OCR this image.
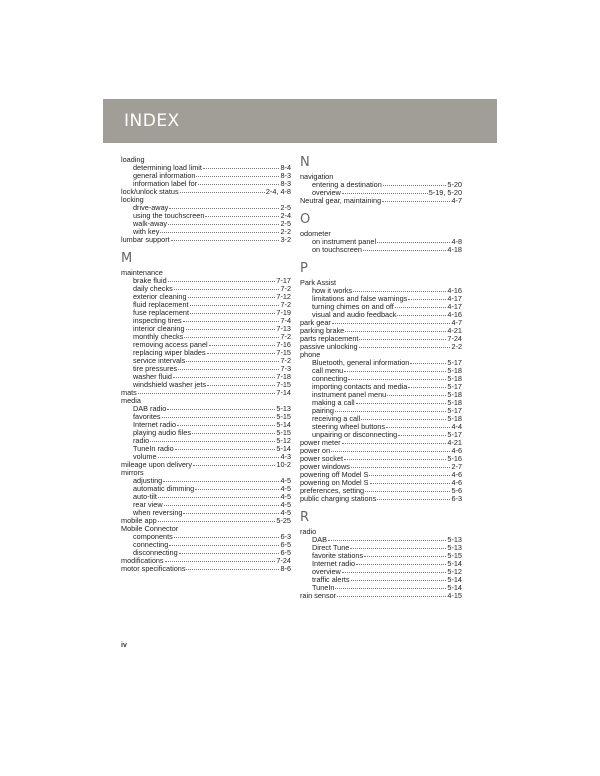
INDEX
loading
determining load limit	8-4
general information	8-3
information label for	8-3
lock/unlock status	2-4, 4-8
locking
drive-away	2-5
using the touchscreen	2-4
walk-away	2-5
with key	2-2
lumbar support	3-2
M
maintenance
brake fluid	7-17
daily checks	7-2
exterior cleaning	7-12
fluid replacement	7-2
fuse replacement	7-19
inspecting tires	7-4
interior cleaning	7-13
monthly checks	7-2
removing access panel	7-16
replacing wiper blades	7-15
service intervals	7-2
tire pressures	7-3
washer fluid	7-18
windshield washer jets	7-15
mats	7-14
media
DAB radio	5-13
favorites	5-15
Internet radio	5-14
playing audio files	5-15
radio	5-12
TuneIn radio	5-14
volume	4-3
mileage upon delivery	10-2
mirrors
adjusting	4-5
automatic dimming	4-5
auto-tilt	4-5
rear view	4-5
when reversing	4-5
mobile app	5-25
Mobile Connector
components	6-3
connecting	6-5
disconnecting	6-5
modifications	7-24
motor specifications	8-6
N
navigation
entering a destination	5-20
overview	5-19, 5-20
Neutral gear, maintaining	4-7
O
odometer
on instrument panel	4-8
on touchscreen	4-18
P
Park Assist
how it works	4-16
limitations and false warnings	4-17
turning chimes on and off	4-17
visual and audio feedback	4-16
park gear	4-7
parking brake	4-21
parts replacement	7-24
passive unlocking	2-2
phone
Bluetooth, general information	5-17
call menu	5-18
connecting	5-18
importing contacts and media	5-17
instrument panel menu	5-18
making a call	5-18
pairing	5-17
receiving a call	5-18
steering wheel buttons	4-4
unpairing or disconnecting	5-17
power meter	4-21
power on	4-6
power socket	5-16
power windows	2-7
powering off Model S	4-6
powering on Model S	4-6
preferences, setting	5-6
public charging stations	6-3
R
radio
DAB	5-13
Direct Tune	5-13
favorite stations	5-15
Internet radio	5-14
overview	5-12
traffic alerts	5-14
TuneIn	5-14
rain sensor	4-15
iv
